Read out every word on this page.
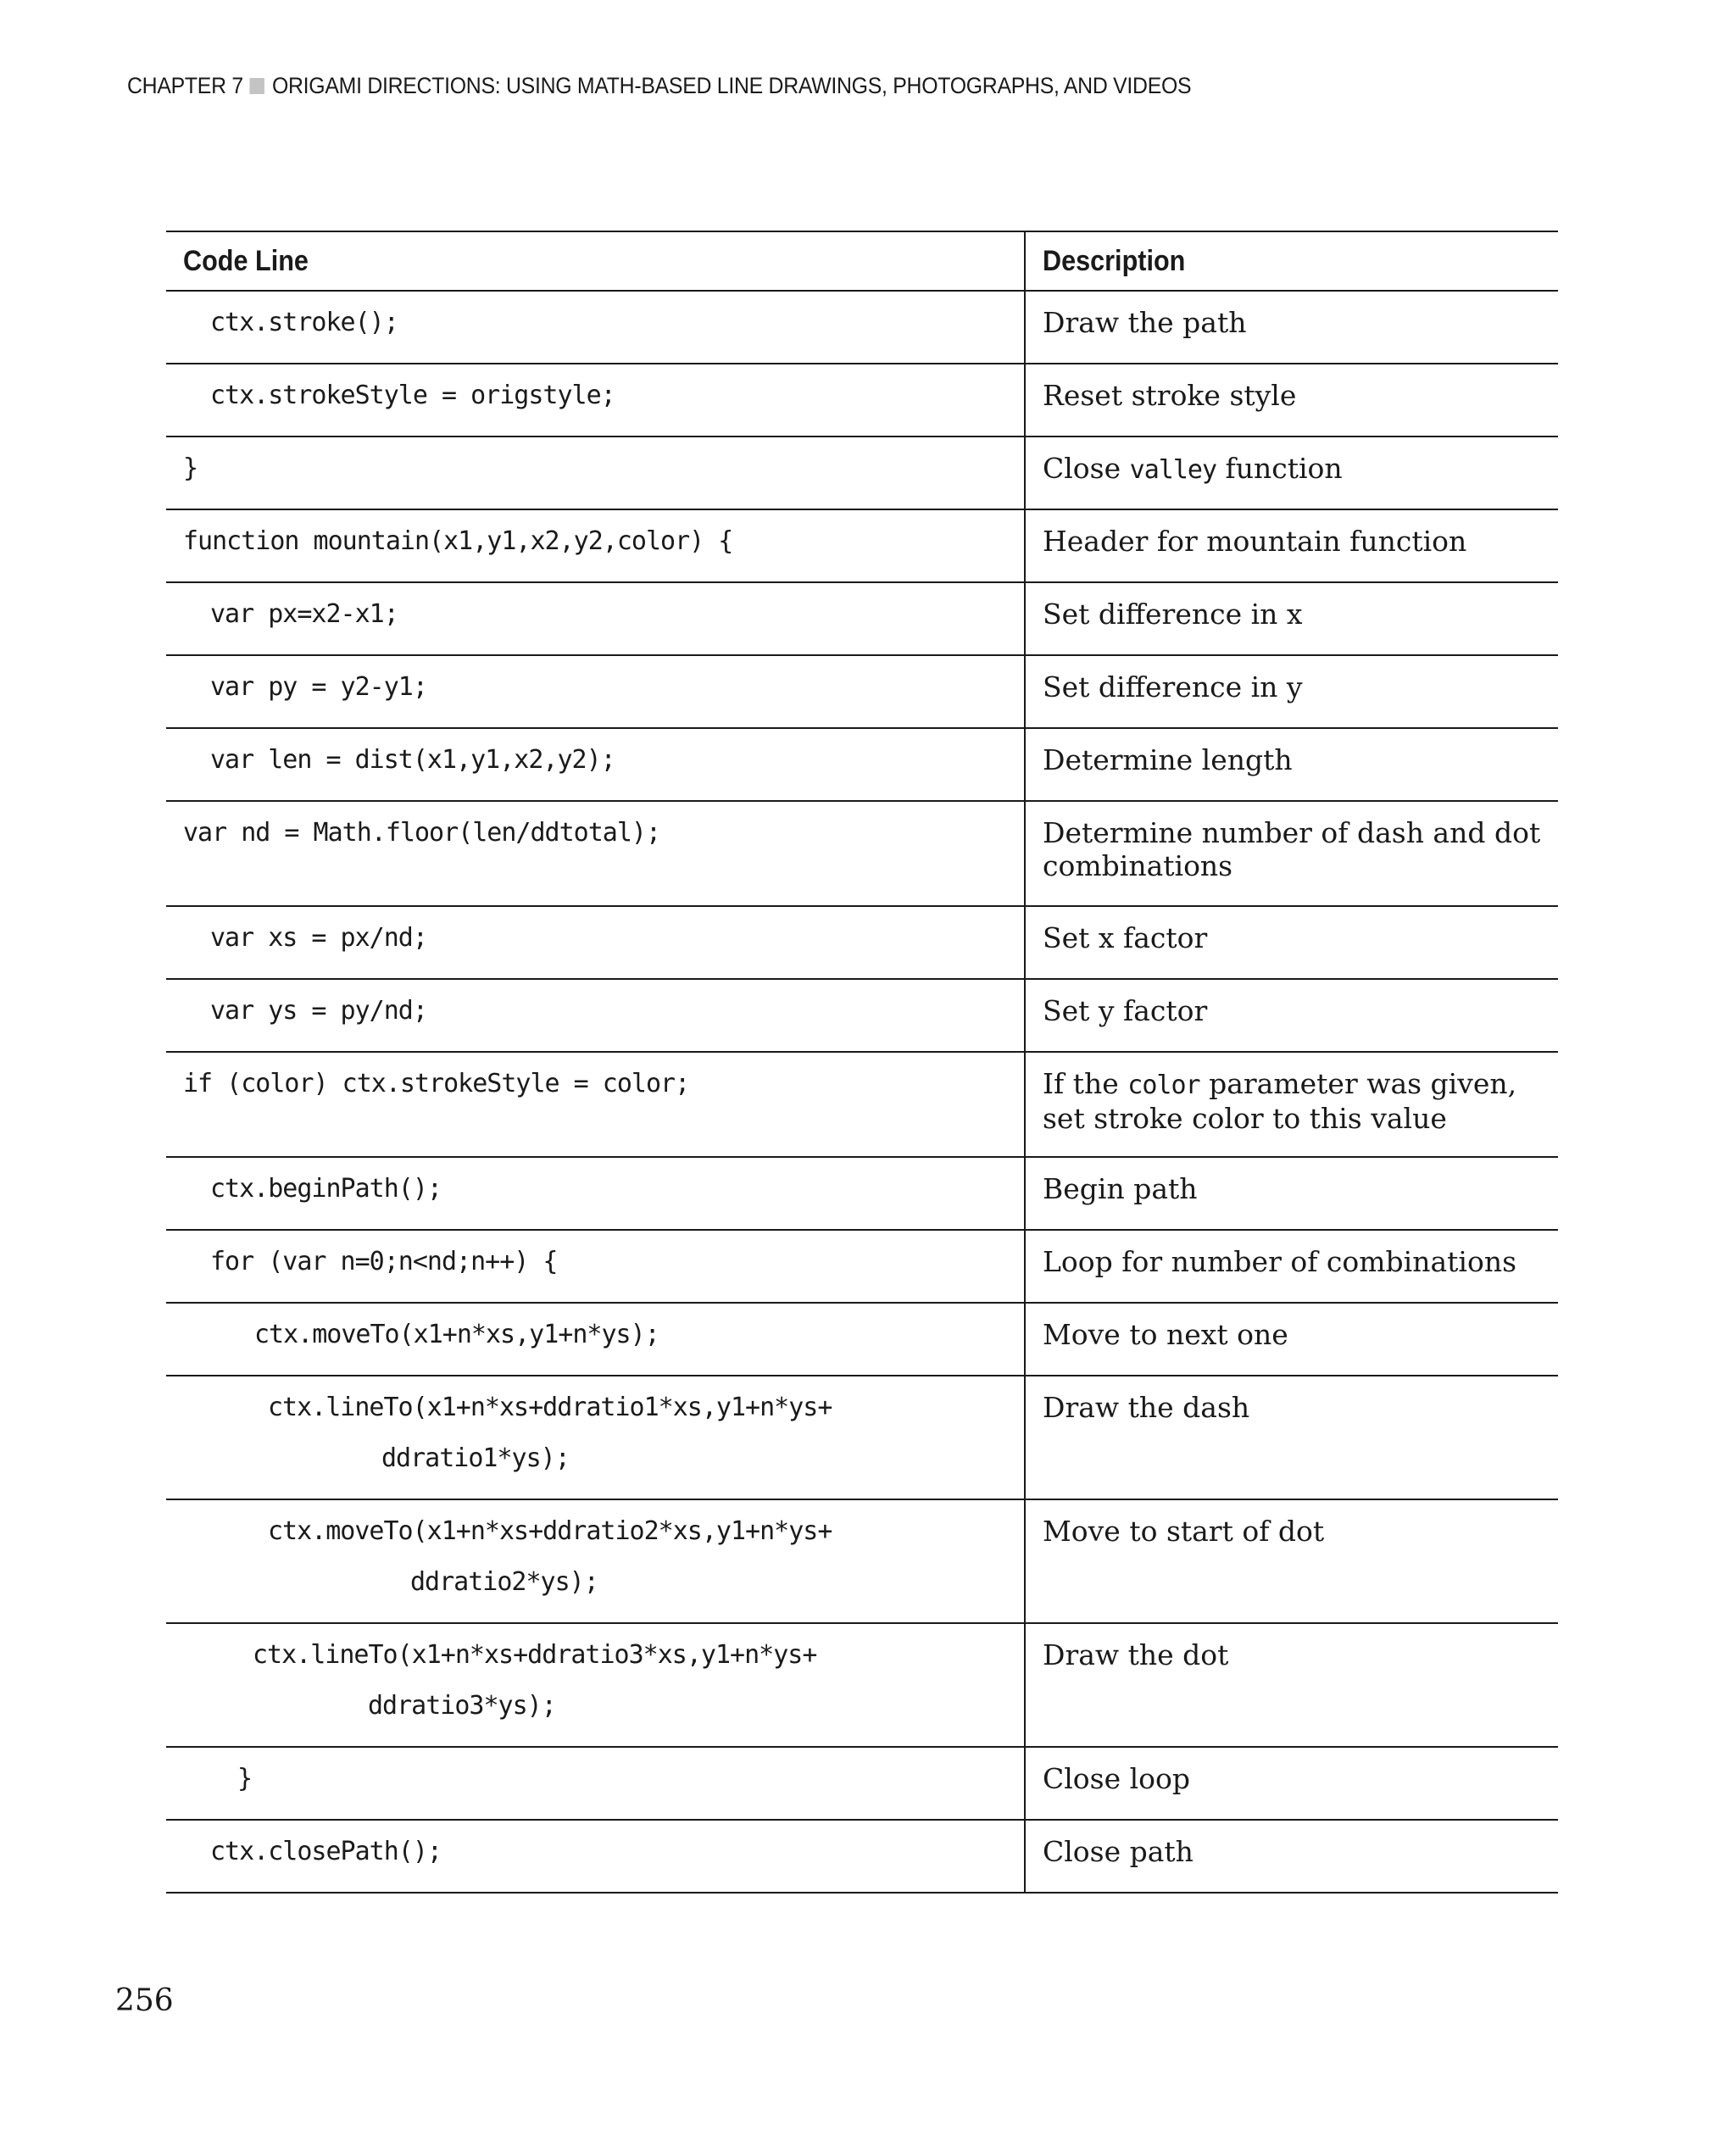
CHAPTER 7 ORIGAMI DIRECTIONS: USING MATH-BASED LINE DRAWINGS, PHOTOGRAPHS, AND VIDEOS
Code Line	Description

ctx.stroke();	Draw the path

ctx.strokeStyle = origstyle;	Reset stroke style

}	Close valley function

function mountain(x1,y1,x2,y2,color) {	Header for mountain function

var px=x2-x1;	Set difference in x

var py = y2-y1;	Set difference in y

var len = dist(x1,y1,x2,y2);	Determine length

var nd = Math.floor(len/ddtotal);	Determine number of dash and dot combinations

var xs = px/nd;	Set x factor

var ys = py/nd;	Set y factor

if (color) ctx.strokeStyle = color;	If the color parameter was given, set stroke color to this value

ctx.beginPath();	Begin path

for (var n=0;n<nd;n++) {	Loop for number of combinations

ctx.moveTo(x1+n*xs,y1+n*ys);	Move to next one

ctx.lineTo(x1+n*xs+ddratio1*xs,y1+n*ys+
ddratio1*ys);	Draw the dash

ctx.moveTo(x1+n*xs+ddratio2*xs,y1+n*ys+
ddratio2*ys);	Move to start of dot

ctx.lineTo(x1+n*xs+ddratio3*xs,y1+n*ys+
ddratio3*ys);	Draw the dot

}	Close loop

ctx.closePath();	Close path
256
